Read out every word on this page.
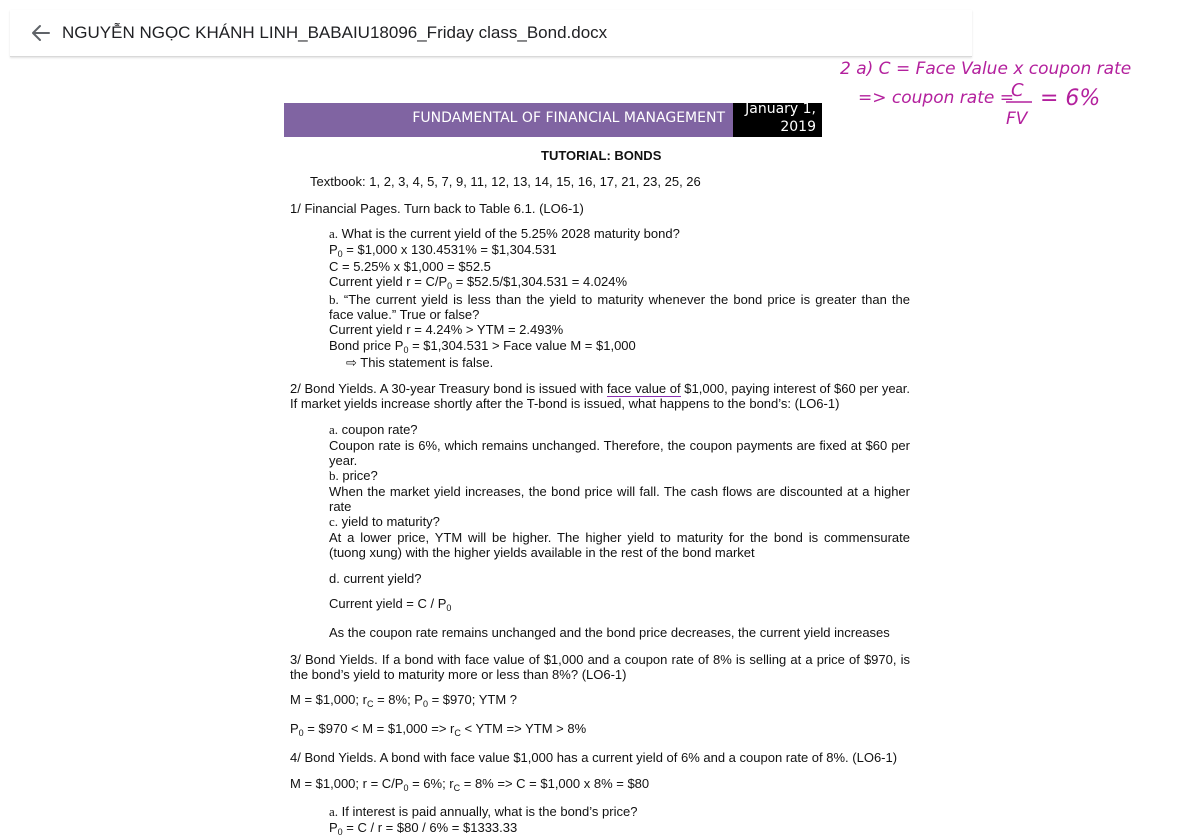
NGUYỄN NGỌC KHÁNH LINH_BABAIU18096_Friday class_Bond.docx
2 a) C = Face Value x coupon rate
=> coupon rate =
C
FV
= 6%
FUNDAMENTAL OF FINANCIAL MANAGEMENT
January 1,
2019
TUTORIAL: BONDS
Textbook: 1, 2, 3, 4, 5, 7, 9, 11, 12, 13, 14, 15, 16, 17, 21, 23, 25, 26
1/ Financial Pages. Turn back to Table 6.1. (LO6-1)
a. What is the current yield of the 5.25% 2028 maturity bond?
$P_0$ = $1,000 x 130.4531% = $1,304.531
C = 5.25% x $1,000 = $52.5
Current yield $r = C/P_0$ = $52.5/$1,304.531 = 4.024%
b. “The current yield is less than the yield to maturity whenever the bond price is greater than the face value.” True or false?
Current yield r = 4.24% > YTM = 2.493%
Bond price $P_0$ = $1,304.531 > Face value M = $1,000
⇨ This statement is false.
2/ Bond Yields. A 30-year Treasury bond is issued with face value of $1,000, paying interest of $60 per year. If market yields increase shortly after the T-bond is issued, what happens to the bond’s: (LO6-1)
a. coupon rate?
Coupon rate is 6%, which remains unchanged. Therefore, the coupon payments are fixed at $60 per year.
b. price?
When the market yield increases, the bond price will fall. The cash flows are discounted at a higher rate
c. yield to maturity?
At a lower price, YTM will be higher. The higher yield to maturity for the bond is commensurate (tuong xung) with the higher yields available in the rest of the bond market
d. current yield?
Current yield = C / $P_0$
As the coupon rate remains unchanged and the bond price decreases, the current yield increases
3/ Bond Yields. If a bond with face value of $1,000 and a coupon rate of 8% is selling at a price of $970, is the bond’s yield to maturity more or less than 8%? (LO6-1)
M = $1,000; $r_C = 8\%$; $P_0$ = $970; YTM ?
$P_0$ = $970 < M = $1,000 => $r_C$ < YTM => YTM > 8%
4/ Bond Yields. A bond with face value $1,000 has a current yield of 6% and a coupon rate of 8%. (LO6-1)
M = $1,000; $r = C/P_0 = 6\%$; $r_C = 8\% => C$ = $1,000 x 8% = $80
a. If interest is paid annually, what is the bond’s price?
$P_0 = C / r$ = $80 / 6% = $1333.33
